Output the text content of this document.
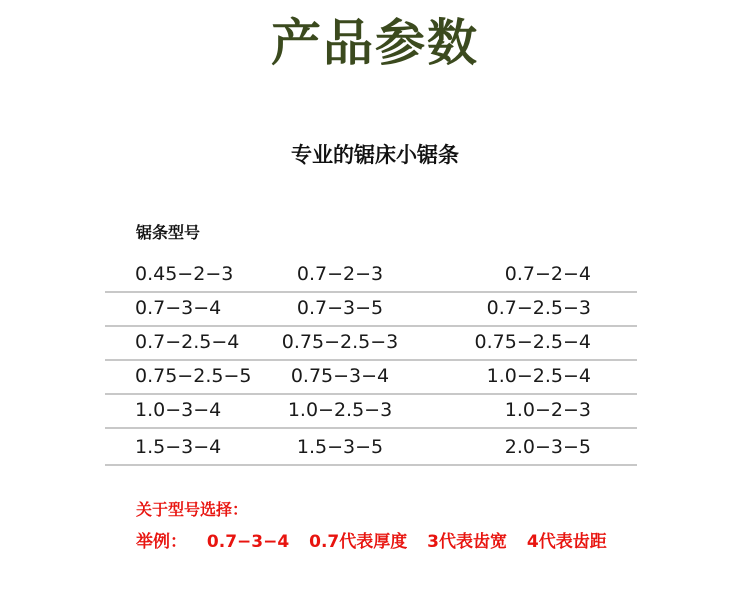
产品参数
专业的锯床小锯条
锯条型号
0.45−2−3	0.7−2−3	0.7−2−4
0.7−3−4	0.7−3−5	0.7−2.5−3
0.7−2.5−4	0.75−2.5−3	0.75−2.5−4
0.75−2.5−5	0.75−3−4	1.0−2.5−4
1.0−3−4	1.0−2.5−3	1.0−2−3
1.5−3−4	1.5−3−5	2.0−3−5
关于型号选择：
举例： 0.7−3−4 0.7代表厚度 3代表齿宽 4代表齿距
